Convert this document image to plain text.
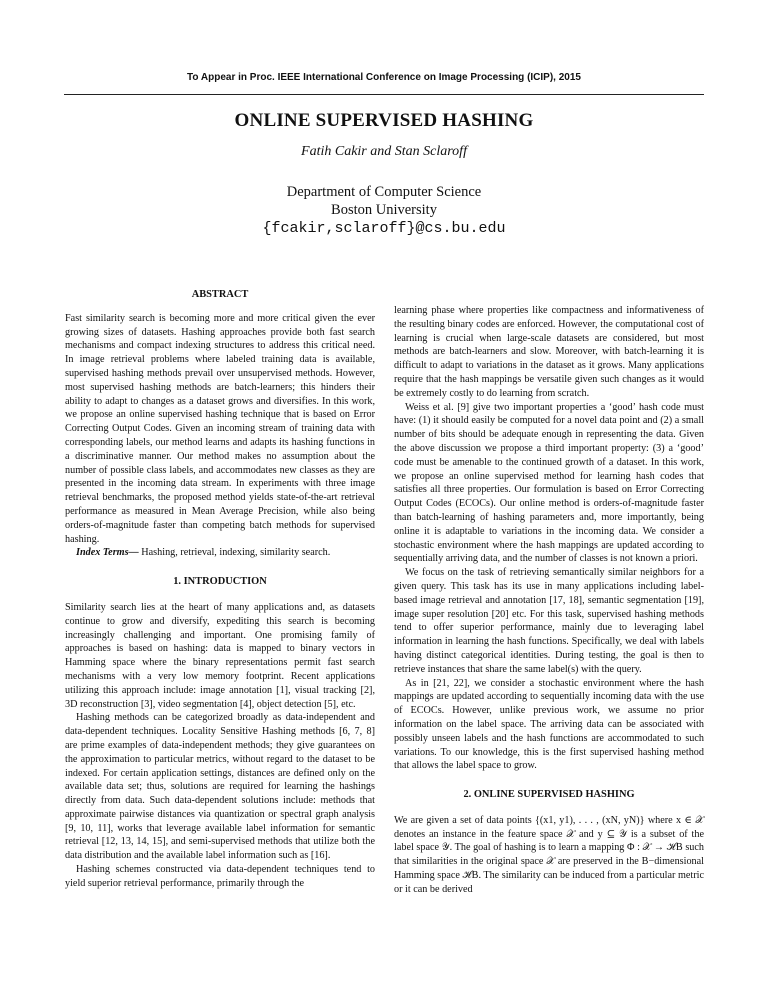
To Appear in Proc. IEEE International Conference on Image Processing (ICIP), 2015
ONLINE SUPERVISED HASHING
Fatih Cakir and Stan Sclaroff
Department of Computer Science
Boston University
{fcakir,sclaroff}@cs.bu.edu
ABSTRACT

Fast similarity search is becoming more and more critical given the ever growing sizes of datasets. Hashing approaches provide both fast search mechanisms and compact indexing structures to address this critical need. In image retrieval problems where labeled training data is available, supervised hashing methods prevail over unsupervised methods. However, most supervised hashing methods are batch-learners; this hinders their ability to adapt to changes as a dataset grows and diversifies. In this work, we propose an online supervised hashing technique that is based on Error Correcting Output Codes. Given an incoming stream of training data with corresponding labels, our method learns and adapts its hashing functions in a discriminative manner. Our method makes no assumption about the number of possible class labels, and accommodates new classes as they are presented in the incoming data stream. In experiments with three image retrieval benchmarks, the proposed method yields state-of-the-art retrieval performance as measured in Mean Average Precision, while also being orders-of-magnitude faster than competing batch methods for supervised hashing.

Index Terms— Hashing, retrieval, indexing, similarity search.

1. INTRODUCTION

Similarity search lies at the heart of many applications and, as datasets continue to grow and diversify, expediting this search is becoming increasingly challenging and important. One promising family of approaches is based on hashing: data is mapped to binary vectors in Hamming space where the binary representations permit fast search mechanisms with a very low memory footprint. Recent applications utilizing this approach include: image annotation [1], visual tracking [2], 3D reconstruction [3], video segmentation [4], object detection [5], etc.

Hashing methods can be categorized broadly as data-independent and data-dependent techniques. Locality Sensitive Hashing methods [6, 7, 8] are prime examples of data-independent methods; they give guarantees on the approximation to particular metrics, without regard to the dataset to be indexed. For certain application settings, distances are defined only on the available data set; thus, solutions are required for learning the hashings directly from data. Such data-dependent solutions include: methods that approximate pairwise distances via quantization or spectral graph analysis [9, 10, 11], works that leverage available label information for semantic retrieval [12, 13, 14, 15], and semi-supervised methods that utilize both the data distribution and the available label information such as [16].

Hashing schemes constructed via data-dependent techniques tend to yield superior retrieval performance, primarily through the

learning phase where properties like compactness and informativeness of the resulting binary codes are enforced. However, the computational cost of learning is crucial when large-scale datasets are considered, but most methods are batch-learners and slow. Moreover, with batch-learning it is difficult to adapt to variations in the dataset as it grows. Many applications require that the hash mappings be versatile given such changes as it would be extremely costly to do learning from scratch.

Weiss et al. [9] give two important properties a ‘good’ hash code must have: (1) it should easily be computed for a novel data point and (2) a small number of bits should be adequate enough in representing the data. Given the above discussion we propose a third important property: (3) a ‘good’ code must be amenable to the continued growth of a dataset. In this work, we propose an online supervised method for learning hash codes that satisfies all three properties. Our formulation is based on Error Correcting Output Codes (ECOCs). Our online method is orders-of-magnitude faster than batch-learning of hashing parameters and, more importantly, being online it is adaptable to variations in the incoming data. We consider a stochastic environment where the hash mappings are updated according to sequentially arriving data, and the number of classes is not known a priori.

We focus on the task of retrieving semantically similar neighbors for a given query. This task has its use in many applications including label-based image retrieval and annotation [17, 18], semantic segmentation [19], image super resolution [20] etc. For this task, supervised hashing methods tend to offer superior performance, mainly due to leveraging label information in learning the hash functions. Specifically, we deal with labels having distinct categorical identities. During testing, the goal is then to retrieve instances that share the same label(s) with the query.

As in [21, 22], we consider a stochastic environment where the hash mappings are updated according to sequentially incoming data with the use of ECOCs. However, unlike previous work, we assume no prior information on the label space. The arriving data can be associated with possibly unseen labels and the hash functions are accommodated to such variations. To our knowledge, this is the first supervised hashing method that allows the label space to grow.

2. ONLINE SUPERVISED HASHING

We are given a set of data points {(x1, y1), . . . , (xN, yN)} where x ∈ 𝒳 denotes an instance in the feature space 𝒳 and y ⊆ 𝒴 is a subset of the label space 𝒴. The goal of hashing is to learn a mapping Φ : 𝒳 → ℋB such that similarities in the original space 𝒳 are preserved in the B−dimensional Hamming space ℋB. The similarity can be induced from a particular metric or it can be derived
